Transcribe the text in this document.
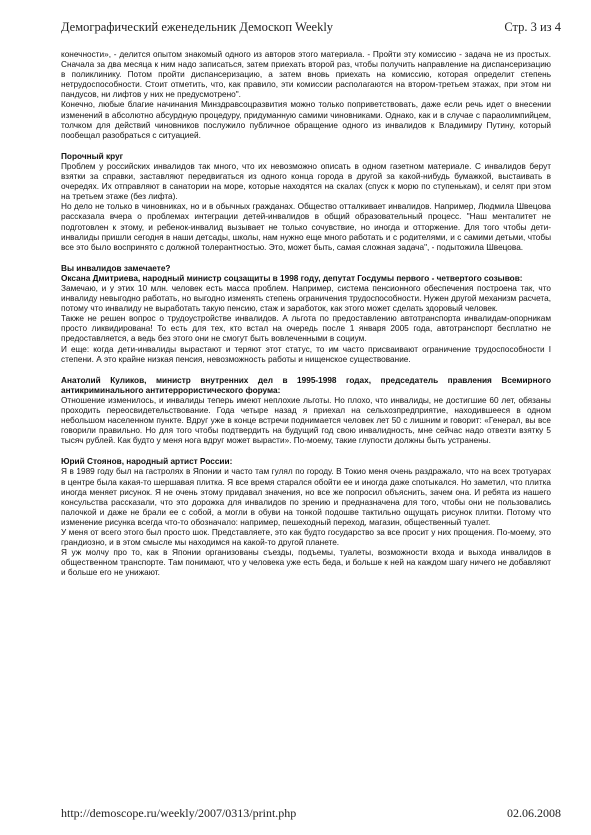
Демографический еженедельник Демоскоп Weekly	Стр. 3 из 4

конечности», - делится опытом знакомый одного из авторов этого материала. - Пройти эту комиссию - задача не из простых. Сначала за два месяца к ним надо записаться, затем приехать второй раз, чтобы получить направление на диспансеризацию в поликлинику. Потом пройти диспансеризацию, а затем вновь приехать на комиссию, которая определит степень нетрудоспособности. Стоит отметить, что, как правило, эти комиссии располагаются на втором-третьем этажах, при этом ни пандусов, ни лифтов у них не предусмотрено".

Конечно, любые благие начинания Минздравсоцразвития можно только поприветствовать, даже если речь идет о внесении изменений в абсолютно абсурдную процедуру, придуманную самими чиновниками. Однако, как и в случае с параолимпийцем, толчком для действий чиновников послужило публичное обращение одного из инвалидов к Владимиру Путину, который пообещал разобраться с ситуацией.

Порочный круг

Проблем у российских инвалидов так много, что их невозможно описать в одном газетном материале. С инвалидов берут взятки за справки, заставляют передвигаться из одного конца города в другой за какой-нибудь бумажкой, выстаивать в очередях. Их отправляют в санатории на море, которые находятся на скалах (спуск к морю по ступенькам), и селят при этом на третьем этаже (без лифта).

Но дело не только в чиновниках, но и в обычных гражданах. Общество отталкивает инвалидов. Например, Людмила Швецова рассказала вчера о проблемах интеграции детей-инвалидов в общий образовательный процесс. "Наш менталитет не подготовлен к этому, и ребенок-инвалид вызывает не только сочувствие, но иногда и отторжение. Для того чтобы дети-инвалиды пришли сегодня в наши детсады, школы, нам нужно еще много работать и с родителями, и с самими детьми, чтобы все это было воспринято с должной толерантностью. Это, может быть, самая сложная задача", - подытожила Швецова.

Вы инвалидов замечаете?

Оксана Дмитриева, народный министр соцзащиты в 1998 году, депутат Госдумы первого - четвертого созывов:

Замечаю, и у этих 10 млн. человек есть масса проблем. Например, система пенсионного обеспечения построена так, что инвалиду невыгодно работать, но выгодно изменять степень ограничения трудоспособности. Нужен другой механизм расчета, потому что инвалиду не выработать такую пенсию, стаж и заработок, как этого может сделать здоровый человек.

Также не решен вопрос о трудоустройстве инвалидов. А льгота по предоставлению автотранспорта инвалидам-опорникам просто ликвидирована! То есть для тех, кто встал на очередь после 1 января 2005 года, автотранспорт бесплатно не предоставляется, а ведь без этого они не смогут быть вовлеченными в социум.

И еще: когда дети-инвалиды вырастают и теряют этот статус, то им часто присваивают ограничение трудоспособности I степени. А это крайне низкая пенсия, невозможность работы и нищенское существование.

Анатолий Куликов, министр внутренних дел в 1995-1998 годах, председатель правления Всемирного антикриминального антитеррористического форума:

Отношение изменилось, и инвалиды теперь имеют неплохие льготы. Но плохо, что инвалиды, не достигшие 60 лет, обязаны проходить переосвидетельствование. Года четыре назад я приехал на сельхозпредприятие, находившееся в одном небольшом населенном пункте. Вдруг уже в конце встречи поднимается человек лет 50 с лишним и говорит: «Генерал, вы все говорили правильно. Но для того чтобы подтвердить на будущий год свою инвалидность, мне сейчас надо отвезти взятку 5 тысяч рублей. Как будто у меня нога вдруг может вырасти». По-моему, такие глупости должны быть устранены.

Юрий Стоянов, народный артист России:

Я в 1989 году был на гастролях в Японии и часто там гулял по городу. В Токио меня очень раздражало, что на всех тротуарах в центре была какая-то шершавая плитка. Я все время старался обойти ее и иногда даже спотыкался. Но заметил, что плитка иногда меняет рисунок. Я не очень этому придавал значения, но все же попросил объяснить, зачем она. И ребята из нашего консульства рассказали, что это дорожка для инвалидов по зрению и предназначена для того, чтобы они не пользовались палочкой и даже не брали ее с собой, а могли в обуви на тонкой подошве тактильно ощущать рисунок плитки. Потому что изменение рисунка всегда что-то обозначало: например, пешеходный переход, магазин, общественный туалет.

У меня от всего этого был просто шок. Представляете, это как будто государство за все просит у них прощения. По-моему, это грандиозно, и в этом смысле мы находимся на какой-то другой планете.

Я уж молчу про то, как в Японии организованы съезды, подъемы, туалеты, возможности входа и выхода инвалидов в общественном транспорте. Там понимают, что у человека уже есть беда, и больше к ней на каждом шагу ничего не добавляют и больше его не унижают.

http://demoscope.ru/weekly/2007/0313/print.php	02.06.2008
